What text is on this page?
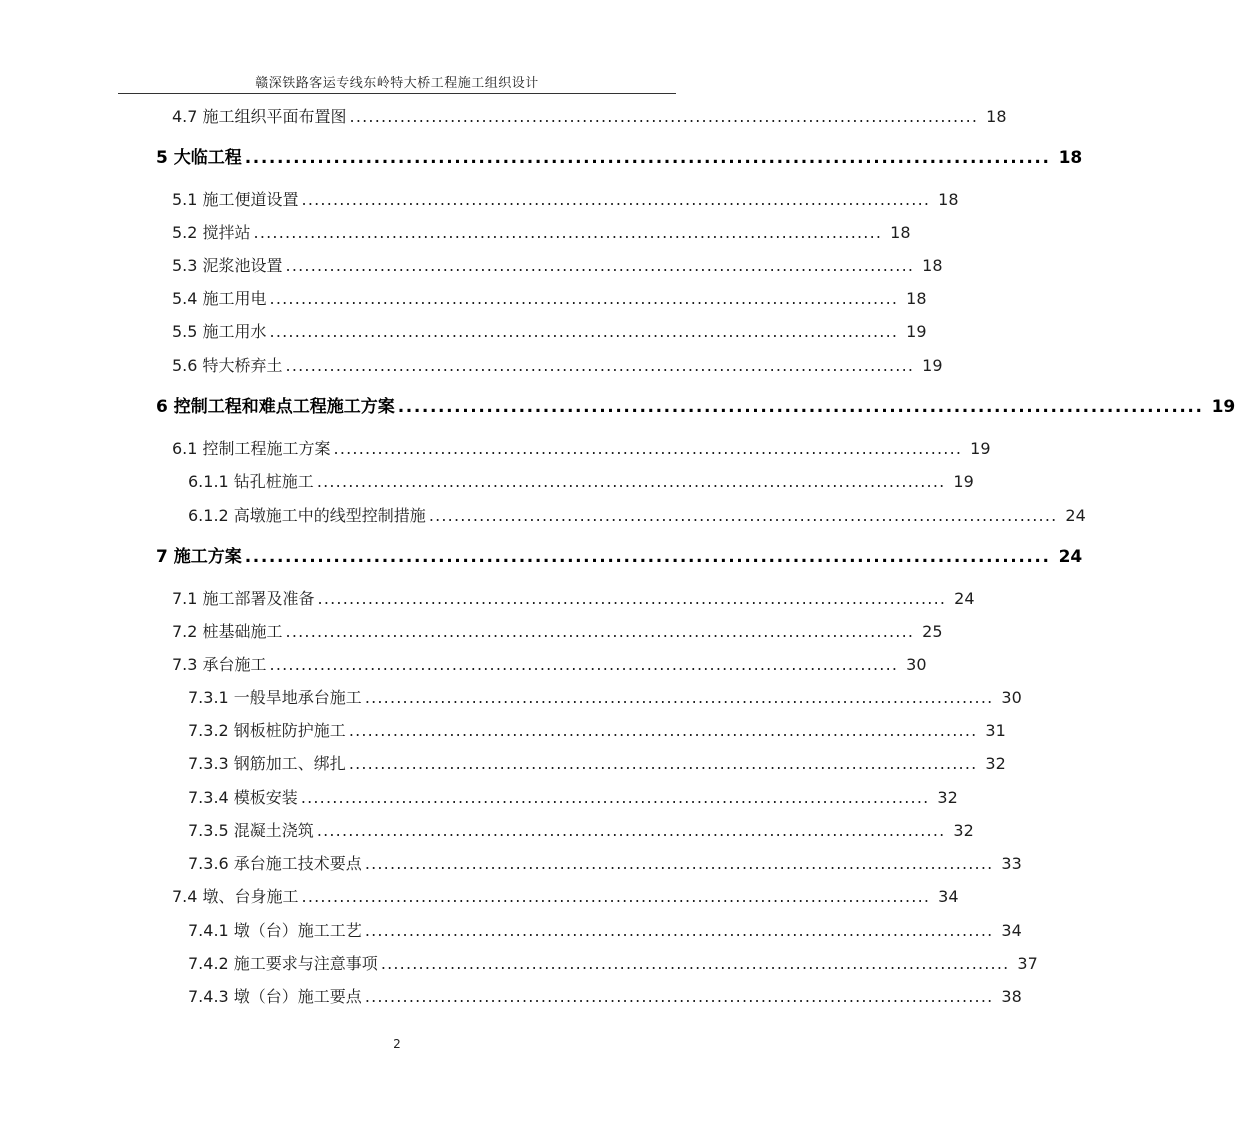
赣深铁路客运专线东岭特大桥工程施工组织设计
4.7 施工组织平面布置图 .................................................................................................... 18
5 大临工程 .................................................................................................... 18
5.1 施工便道设置 .................................................................................................... 18
5.2 搅拌站 .................................................................................................... 18
5.3 泥浆池设置 .................................................................................................... 18
5.4 施工用电 .................................................................................................... 18
5.5 施工用水 .................................................................................................... 19
5.6 特大桥弃土 .................................................................................................... 19
6 控制工程和难点工程施工方案 .................................................................................................... 19
6.1 控制工程施工方案 .................................................................................................... 19
6.1.1 钻孔桩施工 .................................................................................................... 19
6.1.2 高墩施工中的线型控制措施 .................................................................................................... 24
7 施工方案 .................................................................................................... 24
7.1 施工部署及准备 .................................................................................................... 24
7.2 桩基础施工 .................................................................................................... 25
7.3 承台施工 .................................................................................................... 30
7.3.1 一般旱地承台施工 .................................................................................................... 30
7.3.2 钢板桩防护施工 .................................................................................................... 31
7.3.3 钢筋加工、绑扎 .................................................................................................... 32
7.3.4 模板安装 .................................................................................................... 32
7.3.5 混凝土浇筑 .................................................................................................... 32
7.3.6 承台施工技术要点 .................................................................................................... 33
7.4 墩、台身施工 .................................................................................................... 34
7.4.1 墩（台）施工工艺 .................................................................................................... 34
7.4.2 施工要求与注意事项 .................................................................................................... 37
7.4.3 墩（台）施工要点 .................................................................................................... 38
2
